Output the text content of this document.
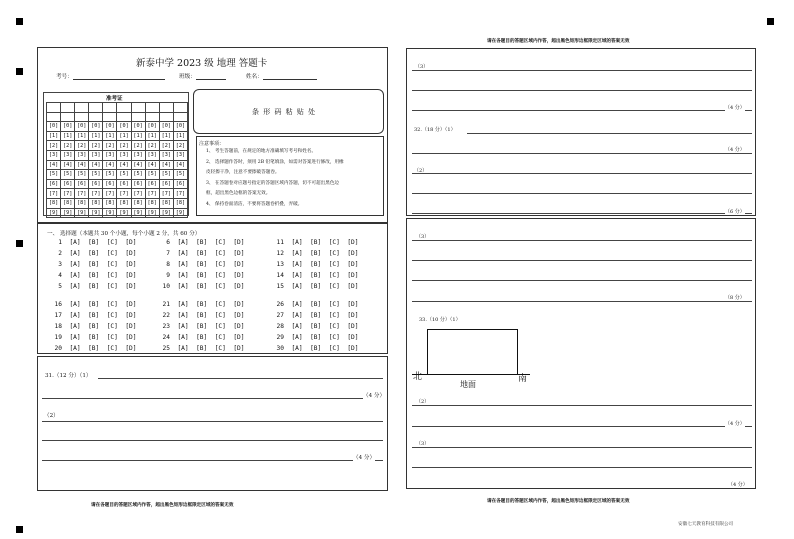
新泰中学 2023 级 地理 答题卡
考号：	班级：	姓名：
准考证

[0]	[0]	[0]	[0]	[0]	[0]	[0]	[0]	[0]	[0]
[1]	[1]	[1]	[1]	[1]	[1]	[1]	[1]	[1]	[1]
[2]	[2]	[2]	[2]	[2]	[2]	[2]	[2]	[2]	[2]
[3]	[3]	[3]	[3]	[3]	[3]	[3]	[3]	[3]	[3]
[4]	[4]	[4]	[4]	[4]	[4]	[4]	[4]	[4]	[4]
[5]	[5]	[5]	[5]	[5]	[5]	[5]	[5]	[5]	[5]
[6]	[6]	[6]	[6]	[6]	[6]	[6]	[6]	[6]	[6]
[7]	[7]	[7]	[7]	[7]	[7]	[7]	[7]	[7]	[7]
[8]	[8]	[8]	[8]	[8]	[8]	[8]	[8]	[8]	[8]
[9]	[9]	[9]	[9]	[9]	[9]	[9]	[9]	[9]	[9]
条 形 码 粘 贴 处
注意事项：
1、 考生答题前，在规定的地方准确填写考号和姓名。
2、 选择题作答时，须用 2B 铅笔填涂，如需对答案进行修改，用橡
皮轻擦干净，注意不要擦破答题卷。
3、 在答题卷对应题号指定的答题区域内答题，切不可超出黑色边
框，超出黑色边框的答案无效。
4、 保持卷面清洁，不要将答题卷折叠，弄破。
一、 选择题（本题共 30 个小题，每个小题 2 分，共 60 分）
1  [A]  [B]  [C]  [D]
2  [A]  [B]  [C]  [D]
3  [A]  [B]  [C]  [D]
4  [A]  [B]  [C]  [D]
5  [A]  [B]  [C]  [D]
6  [A]  [B]  [C]  [D]
7  [A]  [B]  [C]  [D]
8  [A]  [B]  [C]  [D]
9  [A]  [B]  [C]  [D]
10  [A]  [B]  [C]  [D]
11  [A]  [B]  [C]  [D]
12  [A]  [B]  [C]  [D]
13  [A]  [B]  [C]  [D]
14  [A]  [B]  [C]  [D]
15  [A]  [B]  [C]  [D]
16  [A]  [B]  [C]  [D]
17  [A]  [B]  [C]  [D]
18  [A]  [B]  [C]  [D]
19  [A]  [B]  [C]  [D]
20  [A]  [B]  [C]  [D]
21  [A]  [B]  [C]  [D]
22  [A]  [B]  [C]  [D]
23  [A]  [B]  [C]  [D]
24  [A]  [B]  [C]  [D]
25  [A]  [B]  [C]  [D]
26  [A]  [B]  [C]  [D]
27  [A]  [B]  [C]  [D]
28  [A]  [B]  [C]  [D]
29  [A]  [B]  [C]  [D]
30  [A]  [B]  [C]  [D]
31.（12 分）（1）
（4 分）
（2）
（4 分）
请在各题目的答题区域内作答，超出黑色矩形边框限定区域的答案无效
请在各题目的答题区域内作答，超出黑色矩形边框限定区域的答案无效
（3）
（4 分）
32.（18 分）（1）
（4 分）
（2）
（6 分）
（3）
（8 分）
33.（10 分）（1）
北	南
地面
（2）
（4 分）
（3）
（4 分）
请在各题目的答题区域内作答，超出黑色矩形边框限定区域的答案无效
安徽七天教育科技有限公司
